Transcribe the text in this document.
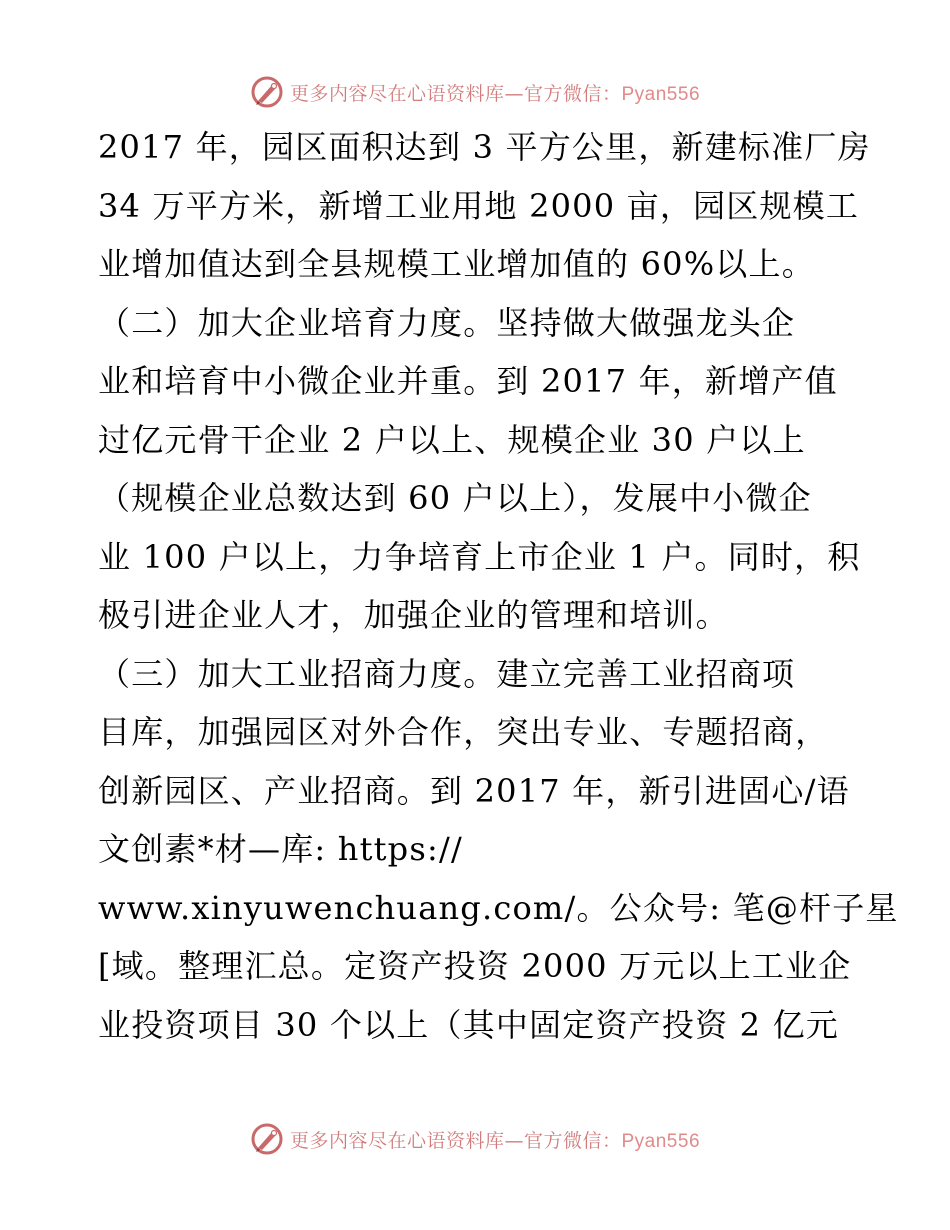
更多内容尽在心语资料库—官方微信：Pyan556
2017 年，园区面积达到 3 平方公里，新建标准厂房
34 万平方米，新增工业用地 2000 亩，园区规模工
业增加值达到全县规模工业增加值的 60%以上。
（二）加大企业培育力度。坚持做大做强龙头企
业和培育中小微企业并重。到 2017 年，新增产值
过亿元骨干企业 2 户以上、规模企业 30 户以上
（规模企业总数达到 60 户以上），发展中小微企
业 100 户以上，力争培育上市企业 1 户。同时，积
极引进企业人才，加强企业的管理和培训。
（三）加大工业招商力度。建立完善工业招商项
目库，加强园区对外合作，突出专业、专题招商，
创新园区、产业招商。到 2017 年，新引进固心/语
文创素*材—库: https://
www.xinyuwenchuang.com/。公众号: 笔@杆子星
[域。整理汇总。定资产投资 2000 万元以上工业企
业投资项目 30 个以上（其中固定资产投资 2 亿元
更多内容尽在心语资料库—官方微信：Pyan556
